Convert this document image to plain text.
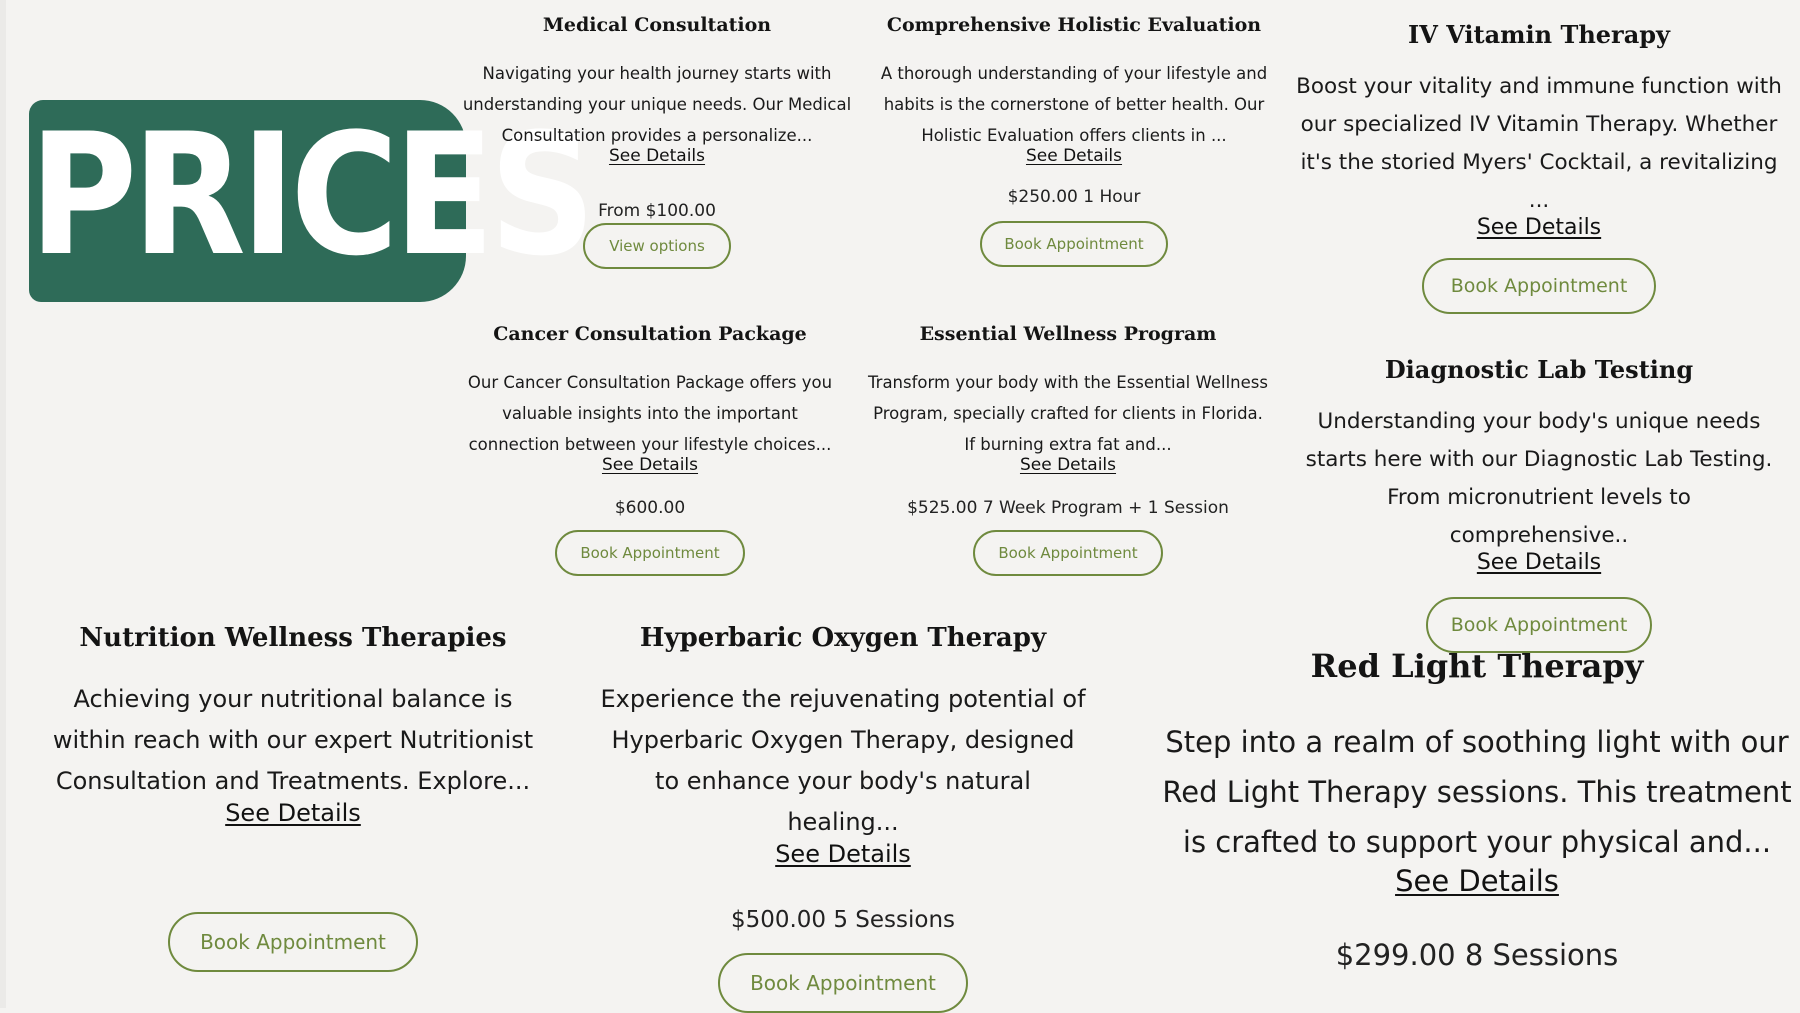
PRICES
Medical Consultation

Navigating your health journey starts with understanding your unique needs. Our Medical Consultation provides a personalize...

See Details
From $100.00
View options
Comprehensive Holistic Evaluation

A thorough understanding of your lifestyle and habits is the cornerstone of better health. Our Holistic Evaluation offers clients in ...

See Details
$250.00 1 Hour
Book Appointment
IV Vitamin Therapy

Boost your vitality and immune function with our specialized IV Vitamin Therapy. Whether it's the storied Myers' Cocktail, a revitalizing ...

See Details
Book Appointment
Cancer Consultation Package

Our Cancer Consultation Package offers you valuable insights into the important connection between your lifestyle choices...

See Details
$600.00
Book Appointment
Essential Wellness Program

Transform your body with the Essential Wellness Program, specially crafted for clients in Florida. If burning extra fat and...

See Details
$525.00 7 Week Program + 1 Session
Book Appointment
Diagnostic Lab Testing

Understanding your body's unique needs starts here with our Diagnostic Lab Testing. From micronutrient levels to comprehensive..

See Details
Book Appointment
Nutrition Wellness Therapies

Achieving your nutritional balance is within reach with our expert Nutritionist Consultation and Treatments. Explore...

See Details
Book Appointment
Hyperbaric Oxygen Therapy

Experience the rejuvenating potential of Hyperbaric Oxygen Therapy, designed to enhance your body's natural healing...

See Details
$500.00 5 Sessions
Book Appointment
Red Light Therapy

Step into a realm of soothing light with our Red Light Therapy sessions. This treatment is crafted to support your physical and...

See Details
$299.00 8 Sessions
